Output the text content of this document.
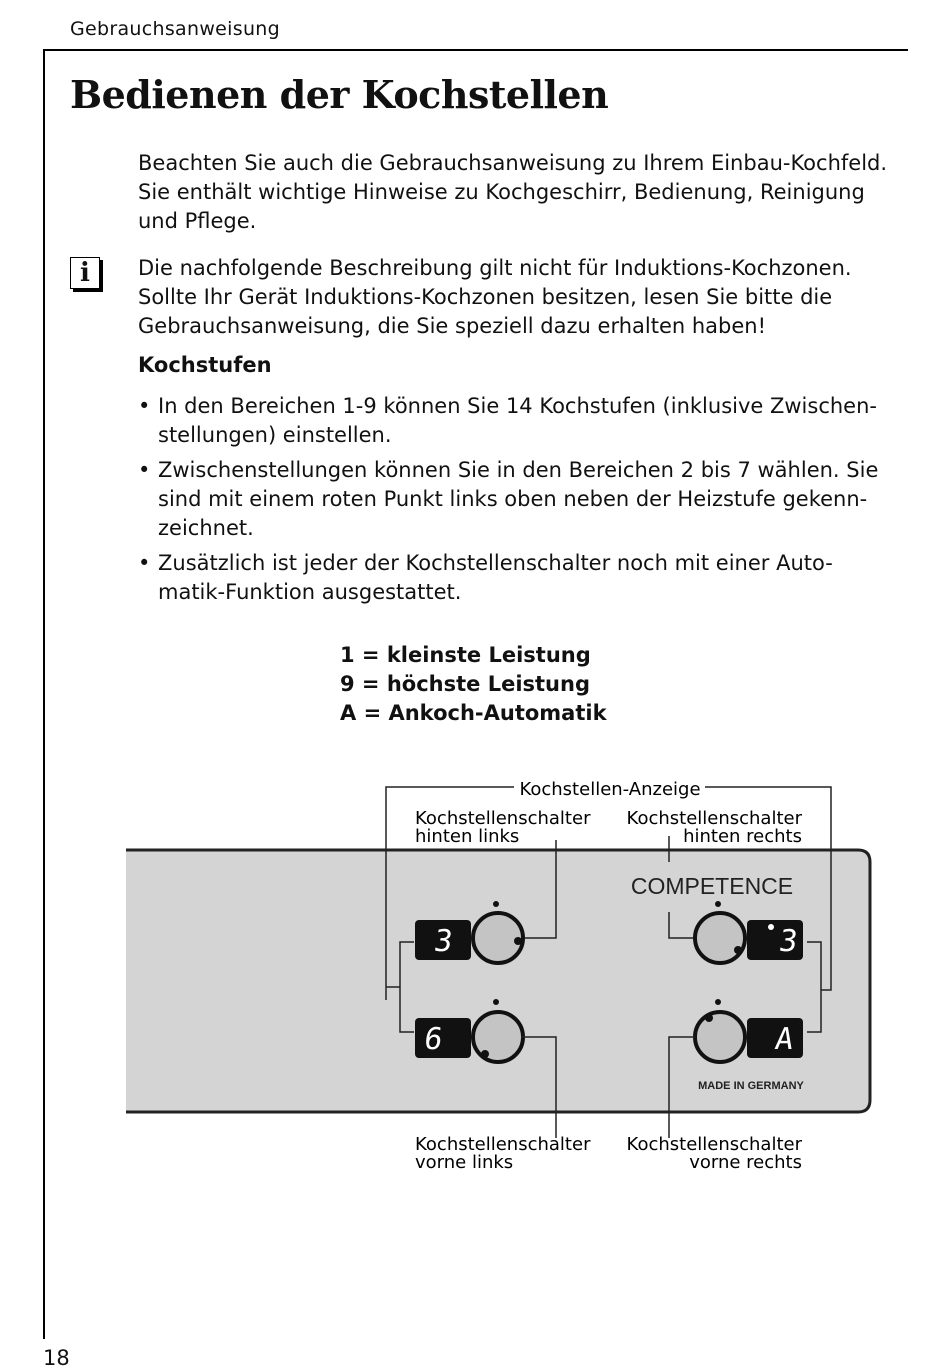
Gebrauchsanweisung
Bedienen der Kochstellen
Beachten Sie auch die Gebrauchsanweisung zu Ihrem Einbau-Kochfeld. Sie enthält wichtige Hinweise zu Kochgeschirr, Bedienung, Reinigung und Pflege.
i	Die nachfolgende Beschreibung gilt nicht für Induktions-Kochzonen. Sollte Ihr Gerät Induktions-Kochzonen besitzen, lesen Sie bitte die Gebrauchsanweisung, die Sie speziell dazu erhalten haben!
Kochstufen
• In den Bereichen 1-9 können Sie 14 Kochstufen (inklusive Zwischen-stellungen) einstellen.
• Zwischenstellungen können Sie in den Bereichen 2 bis 7 wählen. Sie sind mit einem roten Punkt links oben neben der Heizstufe gekenn-zeichnet.
• Zusätzlich ist jeder der Kochstellenschalter noch mit einer Auto-matik-Funktion ausgestattet.
1 = kleinste Leistung
9 = höchste Leistung
A = Ankoch-Automatik
Kochstellen-Anzeige
Kochstellenschalter
hinten links
Kochstellenschalter
hinten rechts
COMPETENCE
3	3
6	A
MADE IN GERMANY
Kochstellenschalter
vorne links
Kochstellenschalter
vorne rechts
18
